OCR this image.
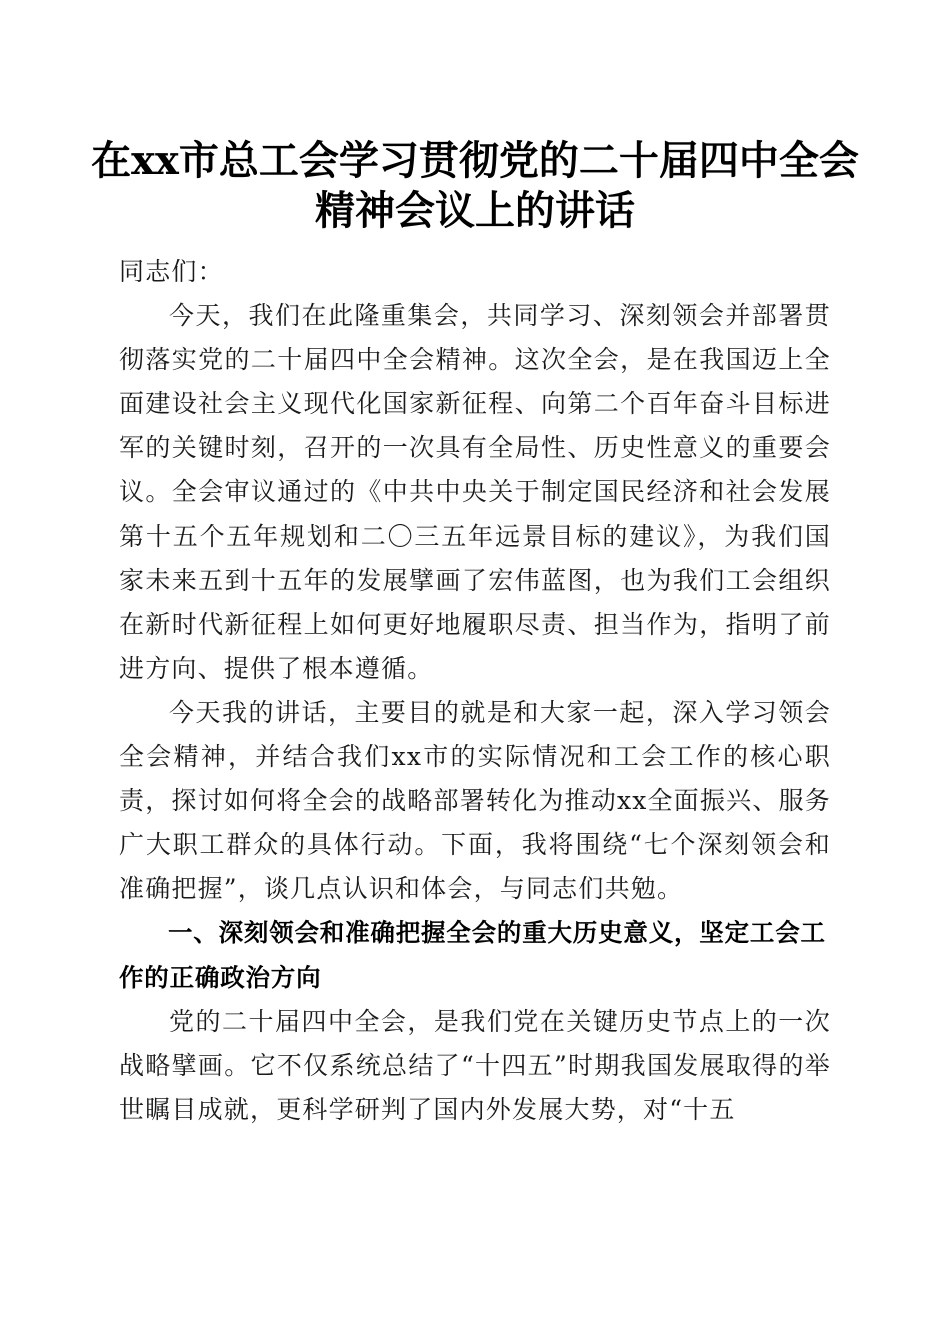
在xx市总工会学习贯彻党的二十届四中全会
精神会议上的讲话

同志们：

今天，我们在此隆重集会，共同学习、深刻领会并部署贯彻落实党的二十届四中全会精神。这次全会，是在我国迈上全面建设社会主义现代化国家新征程、向第二个百年奋斗目标进军的关键时刻，召开的一次具有全局性、历史性意义的重要会议。全会审议通过的《中共中央关于制定国民经济和社会发展第十五个五年规划和二〇三五年远景目标的建议》，为我们国家未来五到十五年的发展擘画了宏伟蓝图，也为我们工会组织在新时代新征程上如何更好地履职尽责、担当作为，指明了前进方向、提供了根本遵循。

今天我的讲话，主要目的就是和大家一起，深入学习领会全会精神，并结合我们xx市的实际情况和工会工作的核心职责，探讨如何将全会的战略部署转化为推动xx全面振兴、服务广大职工群众的具体行动。下面，我将围绕“七个深刻领会和准确把握”，谈几点认识和体会，与同志们共勉。

一、深刻领会和准确把握全会的重大历史意义，坚定工会工作的正确政治方向

党的二十届四中全会，是我们党在关键历史节点上的一次战略擘画。它不仅系统总结了“十四五”时期我国发展取得的举世瞩目成就，更科学研判了国内外发展大势，对“十五
